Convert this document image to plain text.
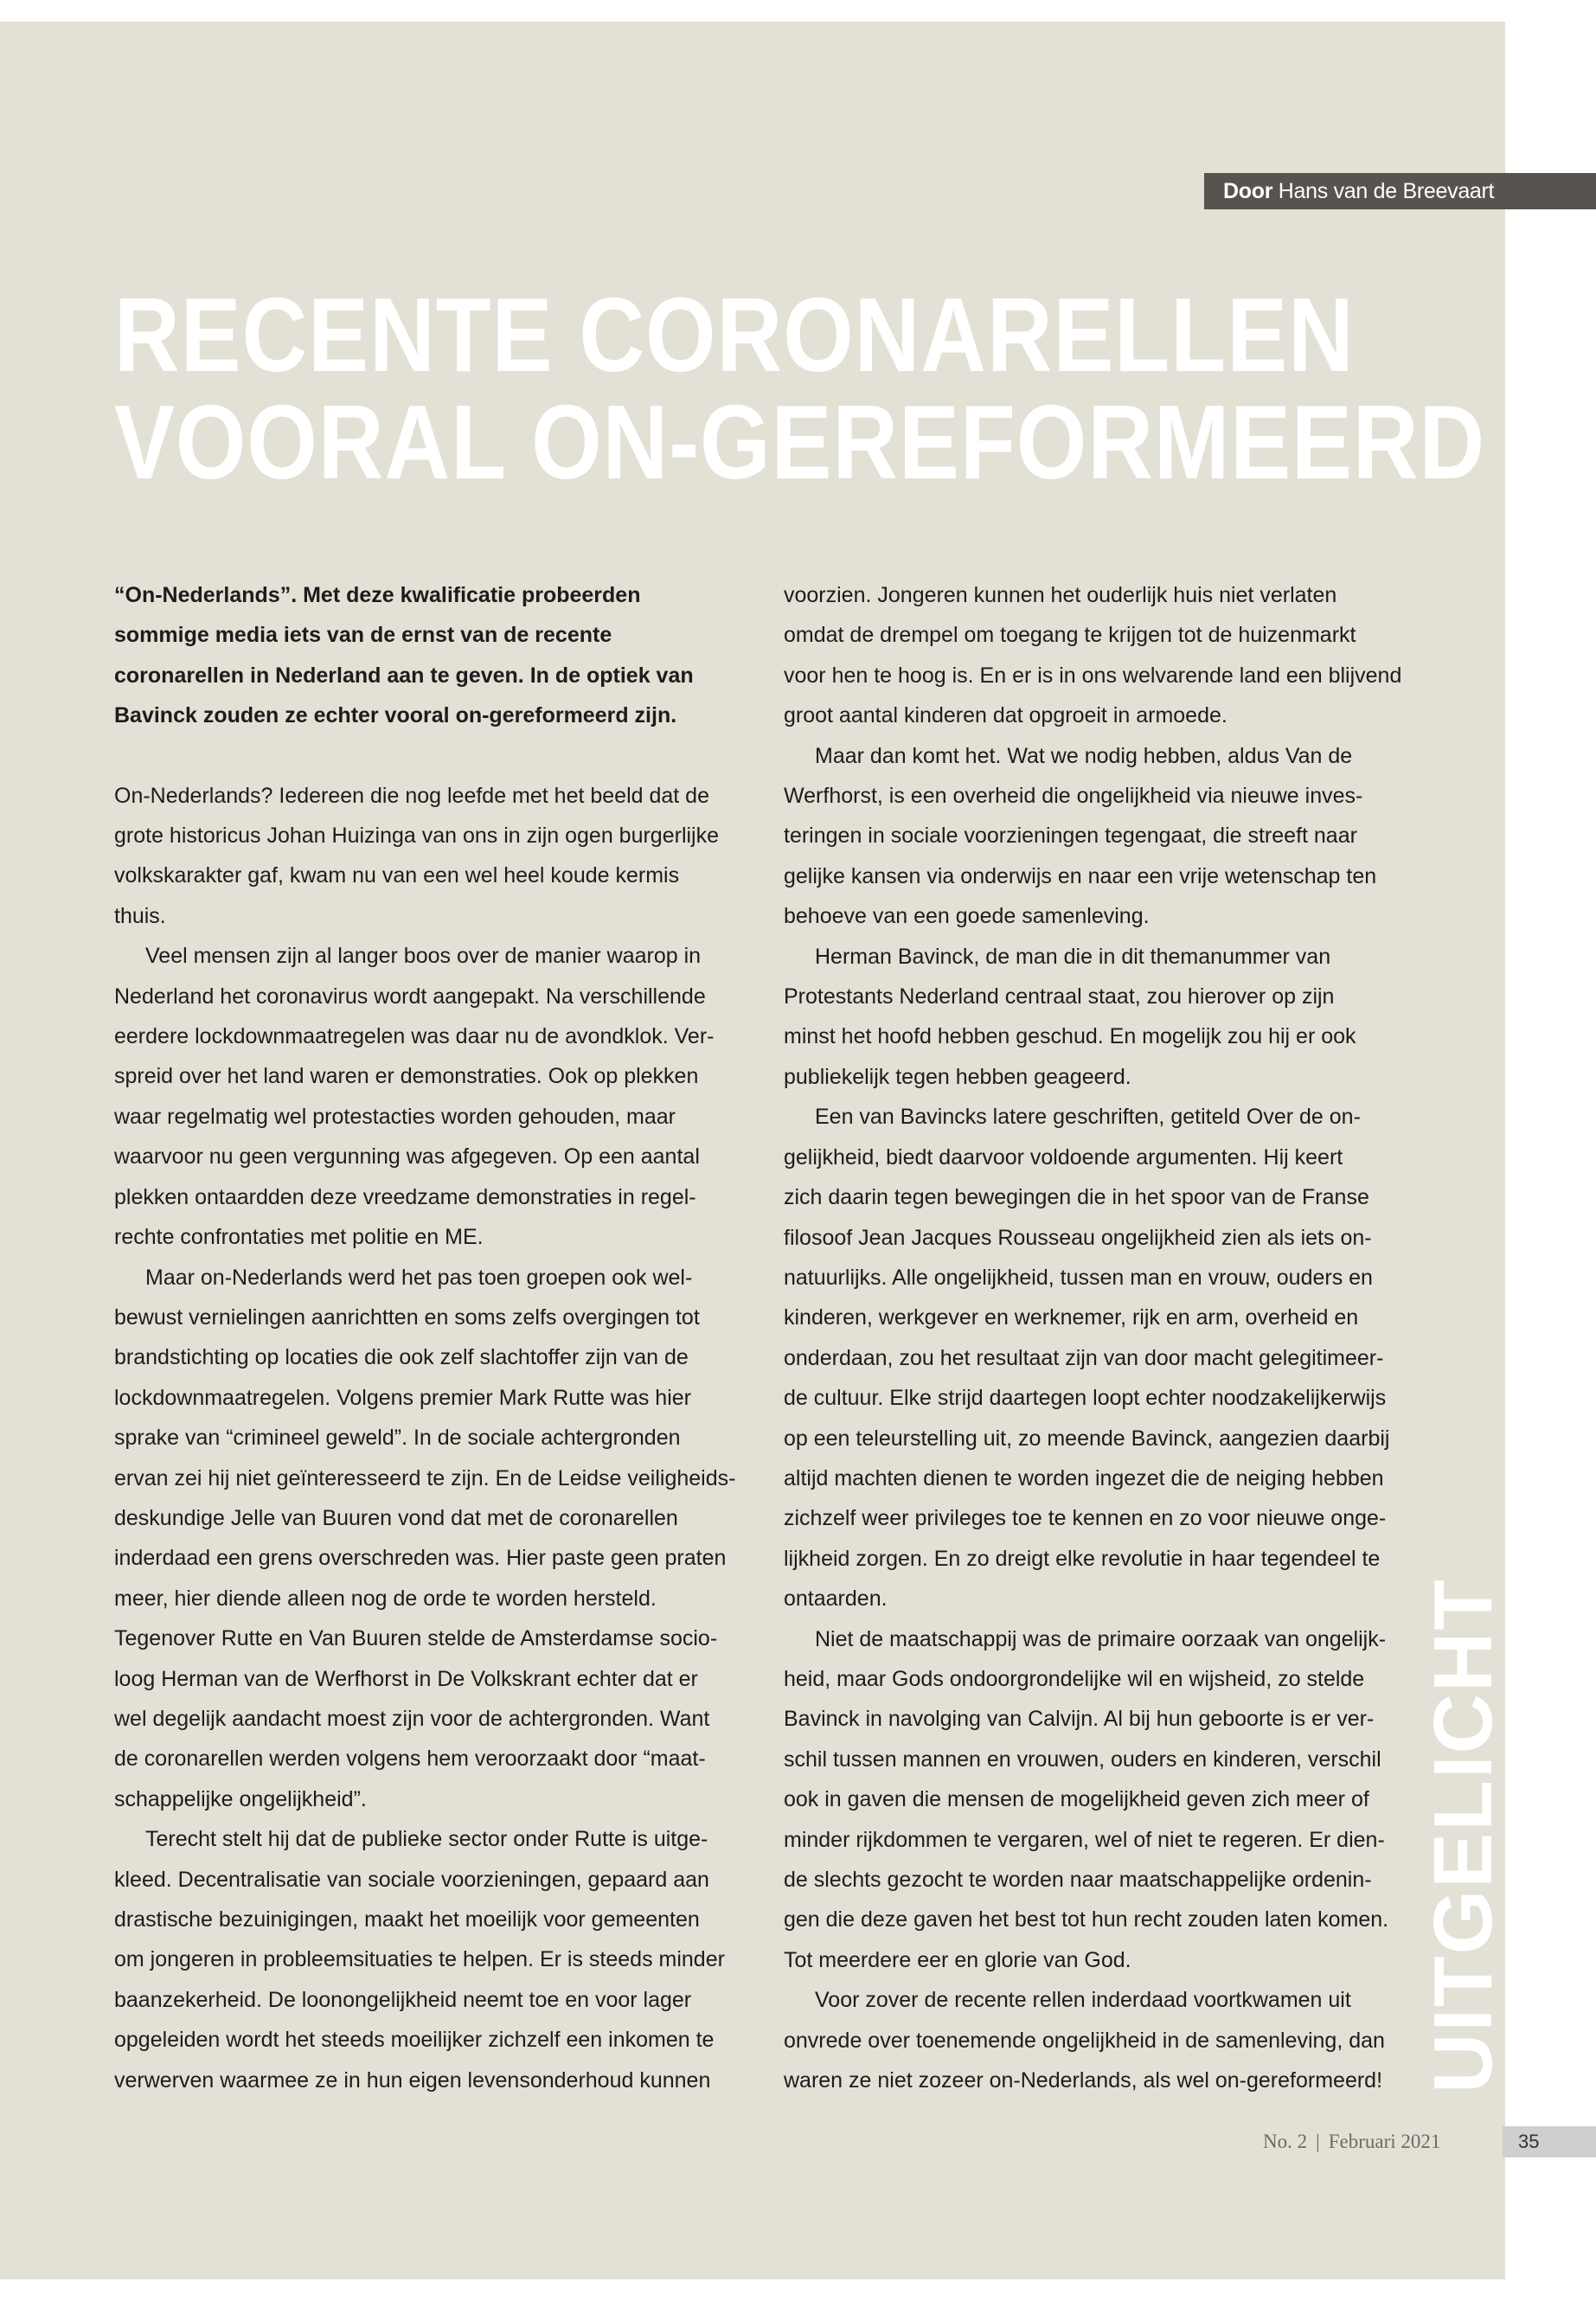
Door Hans van de Breevaart
RECENTE CORONARELLEN
VOORAL ON-GEREFORMEERD

“On-Nederlands”. Met deze kwalificatie probeerden

sommige media iets van de ernst van de recente

coronarellen in Nederland aan te geven. In de optiek van

Bavinck zouden ze echter vooral on-gereformeerd zijn.

On-Nederlands? Iedereen die nog leefde met het beeld dat de

grote historicus Johan Huizinga van ons in zijn ogen burgerlijke

volkskarakter gaf, kwam nu van een wel heel koude kermis

thuis.

Veel mensen zijn al langer boos over de manier waarop in

Nederland het coronavirus wordt aangepakt. Na verschillende

eerdere lockdownmaatregelen was daar nu de avondklok. Ver-

spreid over het land waren er demonstraties. Ook op plekken

waar regelmatig wel protestacties worden gehouden, maar

waarvoor nu geen vergunning was afgegeven. Op een aantal

plekken ontaardden deze vreedzame demonstraties in regel-

rechte confrontaties met politie en ME.

Maar on-Nederlands werd het pas toen groepen ook wel-

bewust vernielingen aanrichtten en soms zelfs overgingen tot

brandstichting op locaties die ook zelf slachtoffer zijn van de

lockdownmaatregelen. Volgens premier Mark Rutte was hier

sprake van “crimineel geweld”. In de sociale achtergronden

ervan zei hij niet geïnteresseerd te zijn. En de Leidse veiligheids-

deskundige Jelle van Buuren vond dat met de coronarellen

inderdaad een grens overschreden was. Hier paste geen praten

meer, hier diende alleen nog de orde te worden hersteld.

Tegenover Rutte en Van Buuren stelde de Amsterdamse socio-

loog Herman van de Werfhorst in De Volkskrant echter dat er

wel degelijk aandacht moest zijn voor de achtergronden. Want

de coronarellen werden volgens hem veroorzaakt door “maat-

schappelijke ongelijkheid”.

Terecht stelt hij dat de publieke sector onder Rutte is uitge-

kleed. Decentralisatie van sociale voorzieningen, gepaard aan

drastische bezuinigingen, maakt het moeilijk voor gemeenten

om jongeren in probleemsituaties te helpen. Er is steeds minder

baanzekerheid. De loonongelijkheid neemt toe en voor lager

opgeleiden wordt het steeds moeilijker zichzelf een inkomen te

verwerven waarmee ze in hun eigen levensonderhoud kunnen

voorzien. Jongeren kunnen het ouderlijk huis niet verlaten

omdat de drempel om toegang te krijgen tot de huizenmarkt

voor hen te hoog is. En er is in ons welvarende land een blijvend

groot aantal kinderen dat opgroeit in armoede.

Maar dan komt het. Wat we nodig hebben, aldus Van de

Werfhorst, is een overheid die ongelijkheid via nieuwe inves-

teringen in sociale voorzieningen tegengaat, die streeft naar

gelijke kansen via onderwijs en naar een vrije wetenschap ten

behoeve van een goede samenleving.

Herman Bavinck, de man die in dit themanummer van

Protestants Nederland centraal staat, zou hierover op zijn

minst het hoofd hebben geschud. En mogelijk zou hij er ook

publiekelijk tegen hebben geageerd.

Een van Bavincks latere geschriften, getiteld Over de on-

gelijkheid, biedt daarvoor voldoende argumenten. Hij keert

zich daarin tegen bewegingen die in het spoor van de Franse

filosoof Jean Jacques Rousseau ongelijkheid zien als iets on-

natuurlijks. Alle ongelijkheid, tussen man en vrouw, ouders en

kinderen, werkgever en werknemer, rijk en arm, overheid en

onderdaan, zou het resultaat zijn van door macht gelegitimeer-

de cultuur. Elke strijd daartegen loopt echter noodzakelijkerwijs

op een teleurstelling uit, zo meende Bavinck, aangezien daarbij

altijd machten dienen te worden ingezet die de neiging hebben

zichzelf weer privileges toe te kennen en zo voor nieuwe onge-

lijkheid zorgen. En zo dreigt elke revolutie in haar tegendeel te

ontaarden.

Niet de maatschappij was de primaire oorzaak van ongelijk-

heid, maar Gods ondoorgrondelijke wil en wijsheid, zo stelde

Bavinck in navolging van Calvijn. Al bij hun geboorte is er ver-

schil tussen mannen en vrouwen, ouders en kinderen, verschil

ook in gaven die mensen de mogelijkheid geven zich meer of

minder rijkdommen te vergaren, wel of niet te regeren. Er dien-

de slechts gezocht te worden naar maatschappelijke ordenin-

gen die deze gaven het best tot hun recht zouden laten komen.

Tot meerdere eer en glorie van God.

Voor zover de recente rellen inderdaad voortkwamen uit

onvrede over toenemende ongelijkheid in de samenleving, dan

waren ze niet zozeer on-Nederlands, als wel on-gereformeerd! UITGELICHT
No. 2 | Februari 2021	35
